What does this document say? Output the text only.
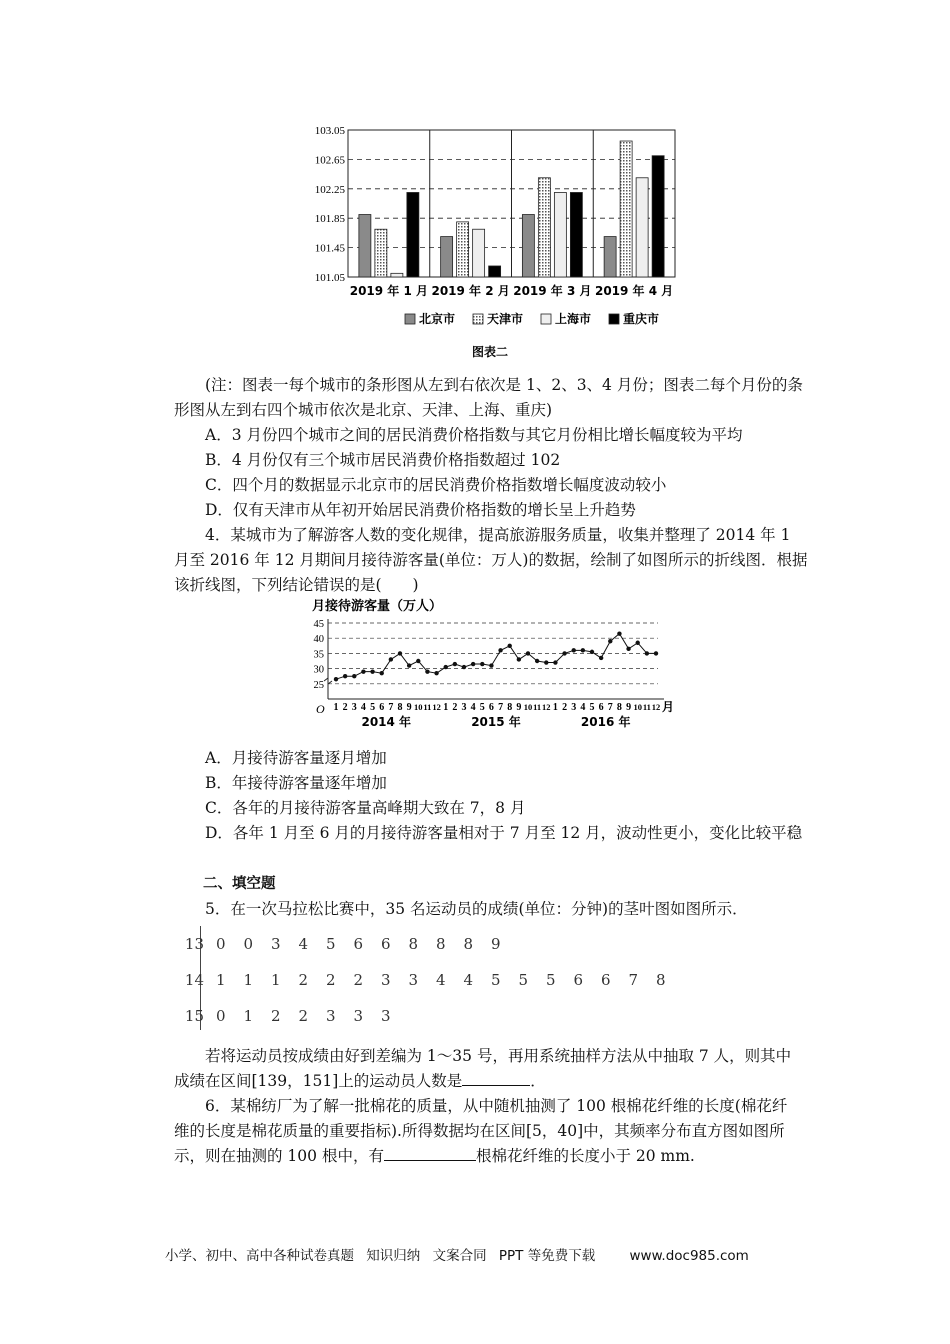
103.05
102.65
102.25
101.85
101.45
101.05
2019 年 1 月 2019 年 2 月 2019 年 3 月 2019 年 4 月
北京市	天津市	上海市	重庆市
图表二

(注：图表一每个城市的条形图从左到右依次是 1、2、3、4 月份；图表二每个月份的条形图从左到右四个城市依次是北京、天津、上海、重庆)

A．3 月份四个城市之间的居民消费价格指数与其它月份相比增长幅度较为平均

B．4 月份仅有三个城市居民消费价格指数超过 102

C．四个月的数据显示北京市的居民消费价格指数增长幅度波动较小

D．仅有天津市从年初开始居民消费价格指数的增长呈上升趋势

4．某城市为了解游客人数的变化规律，提高旅游服务质量，收集并整理了 2014 年 1

月至 2016 年 12 月期间月接待游客量(单位：万人)的数据，绘制了如图所示的折线图．根据

该折线图，下列结论错误的是(　　)

月接待游客量（万人）
45
40
35
30
25
O 1 2 3 4 5 6 7 8 9 10 11 12 1 2 3 4 5 6 7 8 9 10 11 12 1 2 3 4 5 6 7 8 9 10 11 12
2014 年	2015 年	2016 年
月

A．月接待游客量逐月增加

B．年接待游客量逐年增加

C．各年的月接待游客量高峰期大致在 7，8 月

D．各年 1 月至 6 月的月接待游客量相对于 7 月至 12 月，波动性更小，变化比较平稳

二、填空题

5．在一次马拉松比赛中，35 名运动员的成绩(单位：分钟)的茎叶图如图所示．

13 0	0	3	4	5	6	6	8	8	8	9
14 1	1	1	2	2	2	3	3	4	4	5	5	5	6	6	7	8
15 0	1	2	2	3	3	3

若将运动员按成绩由好到差编为 1～35 号，再用系统抽样方法从中抽取 7 人，则其中

成绩在区间[139，151]上的运动员人数是	．

6．某棉纺厂为了解一批棉花的质量，从中随机抽测了 100 根棉花纤维的长度(棉花纤

维的长度是棉花质量的重要指标).所得数据均在区间[5，40]中，其频率分布直方图如图所

示，则在抽测的 100 根中，有	根棉花纤维的长度小于 20 mm.

小学、初中、高中各种试卷真题 知识归纳 文案合同 PPT 等免费下载	www.doc985.com
